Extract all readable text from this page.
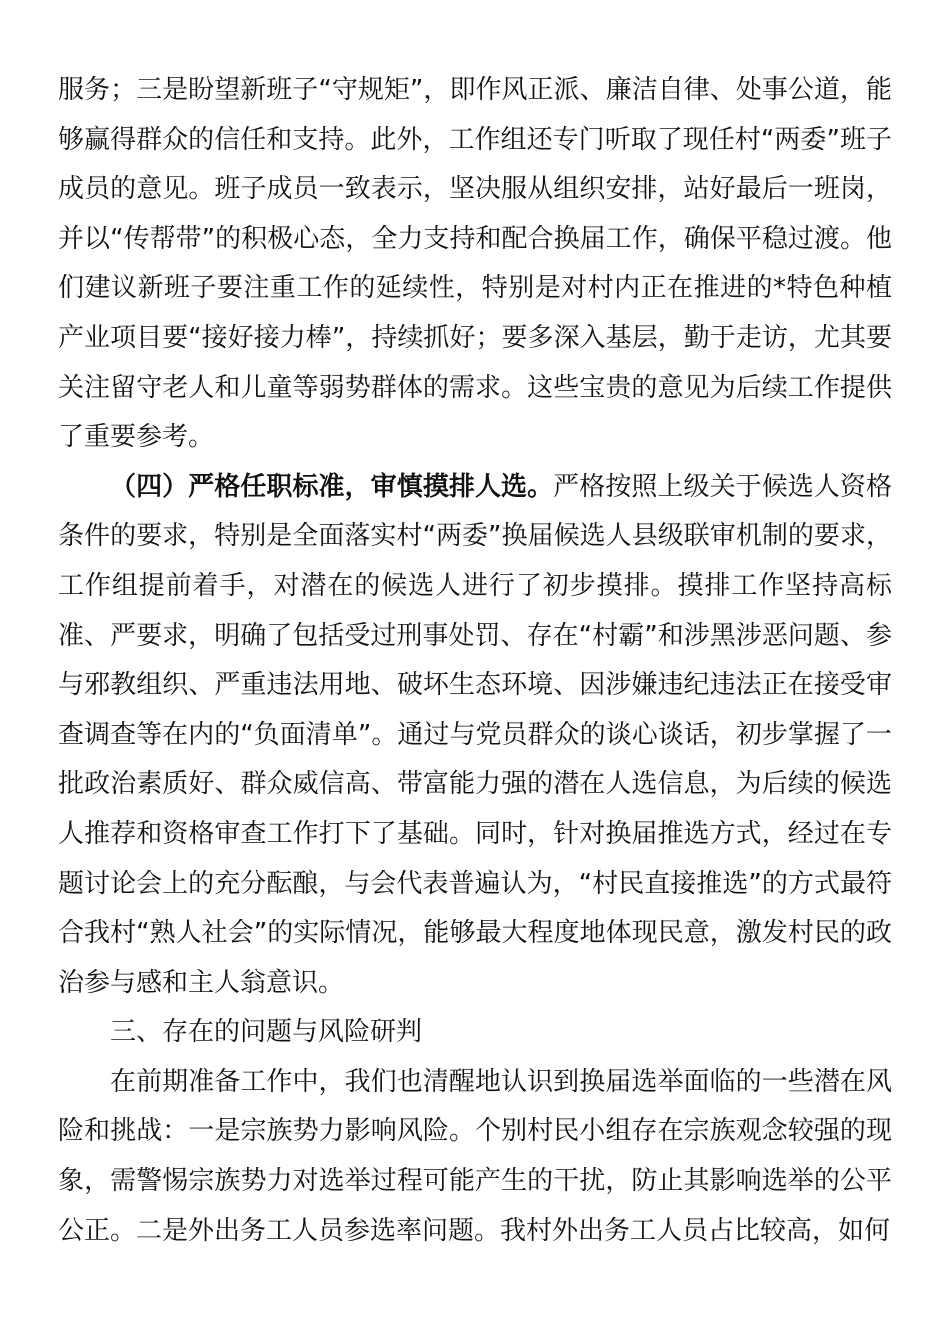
服务；三是盼望新班子“守规矩”，即作风正派、廉洁自律、处事公道，能够赢得群众的信任和支持。此外，工作组还专门听取了现任村“两委”班子成员的意见。班子成员一致表示，坚决服从组织安排，站好最后一班岗，并以“传帮带”的积极心态，全力支持和配合换届工作，确保平稳过渡。他们建议新班子要注重工作的延续性，特别是对村内正在推进的*特色种植产业项目要“接好接力棒”，持续抓好；要多深入基层，勤于走访，尤其要关注留守老人和儿童等弱势群体的需求。这些宝贵的意见为后续工作提供了重要参考。

（四）严格任职标准，审慎摸排人选。严格按照上级关于候选人资格条件的要求，特别是全面落实村“两委”换届候选人县级联审机制的要求，工作组提前着手，对潜在的候选人进行了初步摸排。摸排工作坚持高标准、严要求，明确了包括受过刑事处罚、存在“村霸”和涉黑涉恶问题、参与邪教组织、严重违法用地、破坏生态环境、因涉嫌违纪违法正在接受审查调查等在内的“负面清单”。通过与党员群众的谈心谈话，初步掌握了一批政治素质好、群众威信高、带富能力强的潜在人选信息，为后续的候选人推荐和资格审查工作打下了基础。同时，针对换届推选方式，经过在专题讨论会上的充分酝酿，与会代表普遍认为，“村民直接推选”的方式最符合我村“熟人社会”的实际情况，能够最大程度地体现民意，激发村民的政治参与感和主人翁意识。

三、存在的问题与风险研判

在前期准备工作中，我们也清醒地认识到换届选举面临的一些潜在风险和挑战：一是宗族势力影响风险。个别村民小组存在宗族观念较强的现象，需警惕宗族势力对选举过程可能产生的干扰，防止其影响选举的公平公正。二是外出务工人员参选率问题。我村外出务工人员占比较高，如何
